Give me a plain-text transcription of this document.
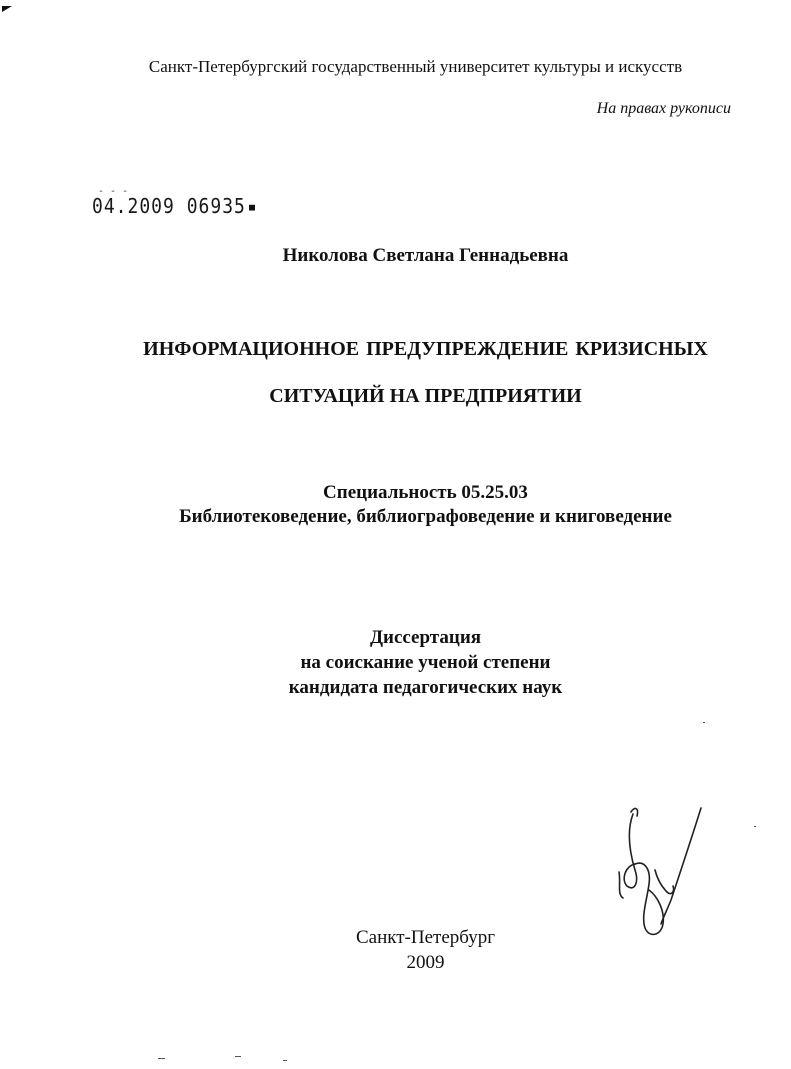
Санкт-Петербургский государственный университет культуры и искусств
На правах рукописи
- - -
04.2009 06935
Николова Светлана Геннадьевна
ИНФОРМАЦИОННОЕ ПРЕДУПРЕЖДЕНИЕ КРИЗИСНЫХ
СИТУАЦИЙ НА ПРЕДПРИЯТИИ
Специальность 05.25.03
Библиотековедение, библиографоведение и книговедение
Диссертация
на соискание ученой степени
кандидата педагогических наук
Санкт-Петербург
2009
